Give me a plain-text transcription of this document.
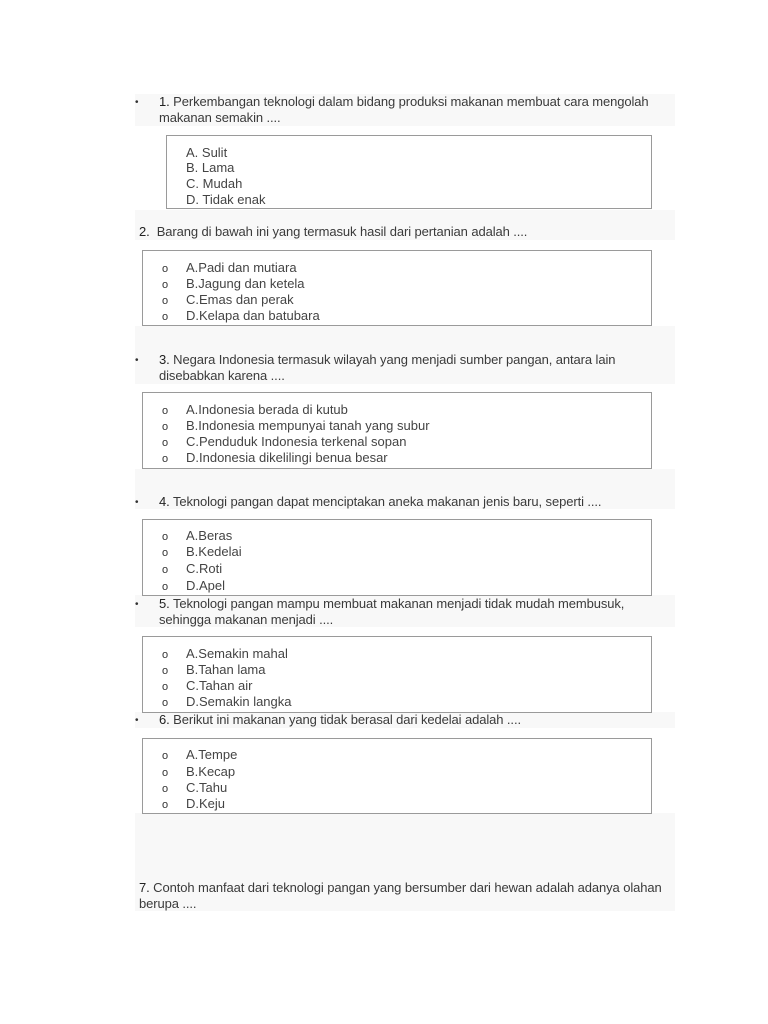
• 1. Perkembangan teknologi dalam bidang produksi makanan membuat cara mengolah makanan semakin ....
A. Sulit
B. Lama
C. Mudah
D. Tidak enak
2. Barang di bawah ini yang termasuk hasil dari pertanian adalah ....
o A.Padi dan mutiara
o B.Jagung dan ketela
o C.Emas dan perak
o D.Kelapa dan batubara
• 3. Negara Indonesia termasuk wilayah yang menjadi sumber pangan, antara lain disebabkan karena ....
o A.Indonesia berada di kutub
o B.Indonesia mempunyai tanah yang subur
o C.Penduduk Indonesia terkenal sopan
o D.Indonesia dikelilingi benua besar
• 4. Teknologi pangan dapat menciptakan aneka makanan jenis baru, seperti ....
o A.Beras
o B.Kedelai
o C.Roti
o D.Apel
• 5. Teknologi pangan mampu membuat makanan menjadi tidak mudah membusuk, sehingga makanan menjadi ....
o A.Semakin mahal
o B.Tahan lama
o C.Tahan air
o D.Semakin langka
• 6. Berikut ini makanan yang tidak berasal dari kedelai adalah ....
o A.Tempe
o B.Kecap
o C.Tahu
o D.Keju
7. Contoh manfaat dari teknologi pangan yang bersumber dari hewan adalah adanya olahan berupa ....
